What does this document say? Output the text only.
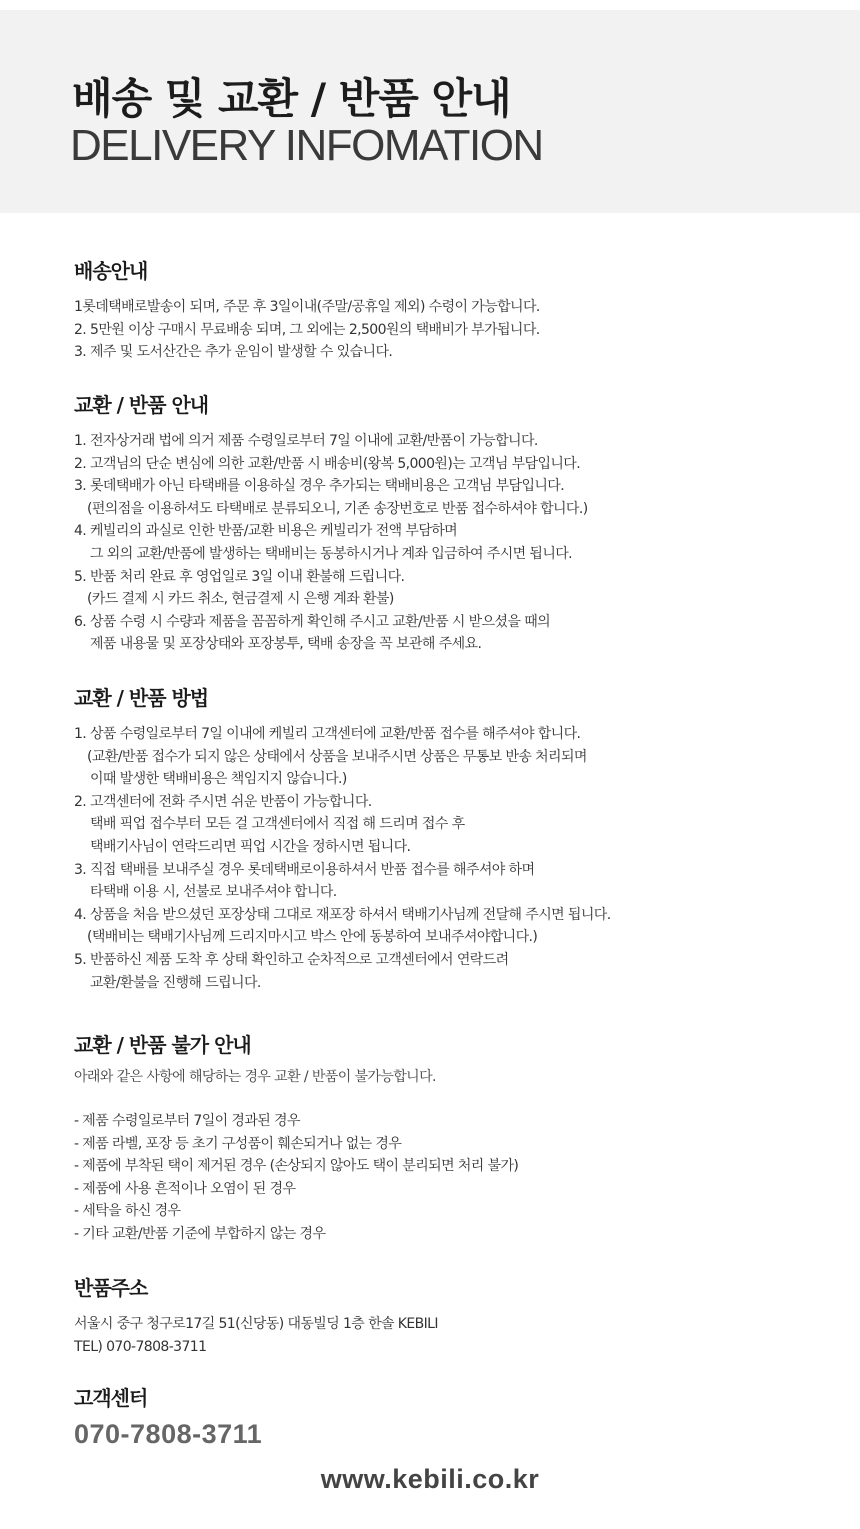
배송 및 교환 / 반품 안내
DELIVERY INFOMATION
배송안내
1롯데택배로발송이 되며, 주문 후 3일이내(주말/공휴일 제외) 수령이 가능합니다.
2. 5만원 이상 구매시 무료배송 되며, 그 외에는 2,500원의 택배비가 부가됩니다.
3. 제주 및 도서산간은 추가 운임이 발생할 수 있습니다.
교환 / 반품 안내
1. 전자상거래 법에 의거 제품 수령일로부터 7일 이내에 교환/반품이 가능합니다.
2. 고객님의 단순 변심에 의한 교환/반품 시 배송비(왕복 5,000원)는 고객님 부담입니다.
3. 롯데택배가 아닌 타택배를 이용하실 경우 추가되는 택배비용은 고객님 부담입니다.
(편의점을 이용하셔도 타택배로 분류되오니, 기존 송장번호로 반품 접수하셔야 합니다.)
4. 케빌리의 과실로 인한 반품/교환 비용은 케빌리가 전액 부담하며
그 외의 교환/반품에 발생하는 택배비는 동봉하시거나 계좌 입금하여 주시면 됩니다.
5. 반품 처리 완료 후 영업일로 3일 이내 환불해 드립니다.
(카드 결제 시 카드 취소, 현금결제 시 은행 계좌 환불)
6. 상품 수령 시 수량과 제품을 꼼꼼하게 확인해 주시고 교환/반품 시 받으셨을 때의
제품 내용물 및 포장상태와 포장봉투, 택배 송장을 꼭 보관해 주세요.
교환 / 반품 방법
1. 상품 수령일로부터 7일 이내에 케빌리 고객센터에 교환/반품 접수를 해주셔야 합니다.
(교환/반품 접수가 되지 않은 상태에서 상품을 보내주시면 상품은 무통보 반송 처리되며
이때 발생한 택배비용은 책임지지 않습니다.)
2. 고객센터에 전화 주시면 쉬운 반품이 가능합니다.
택배 픽업 접수부터 모든 걸 고객센터에서 직접 해 드리며 접수 후
택배기사님이 연락드리면 픽업 시간을 정하시면 됩니다.
3. 직접 택배를 보내주실 경우 롯데택배로이용하셔서 반품 접수를 해주셔야 하며
타택배 이용 시, 선불로 보내주셔야 합니다.
4. 상품을 처음 받으셨던 포장상태 그대로 재포장 하셔서 택배기사님께 전달해 주시면 됩니다.
(택배비는 택배기사님께 드리지마시고 박스 안에 동봉하여 보내주셔야합니다.)
5. 반품하신 제품 도착 후 상태 확인하고 순차적으로 고객센터에서 연락드려
교환/환불을 진행해 드립니다.
교환 / 반품 불가 안내
아래와 같은 사항에 해당하는 경우 교환 / 반품이 불가능합니다.
- 제품 수령일로부터 7일이 경과된 경우
- 제품 라벨, 포장 등 초기 구성품이 훼손되거나 없는 경우
- 제품에 부착된 택이 제거된 경우 (손상되지 않아도 택이 분리되면 처리 불가)
- 제품에 사용 흔적이나 오염이 된 경우
- 세탁을 하신 경우
- 기타 교환/반품 기준에 부합하지 않는 경우
반품주소
서울시 중구 청구로17길 51(신당동) 대동빌딩 1층 한솔 KEBILI
TEL) 070-7808-3711
고객센터
070-7808-3711
www.kebili.co.kr
